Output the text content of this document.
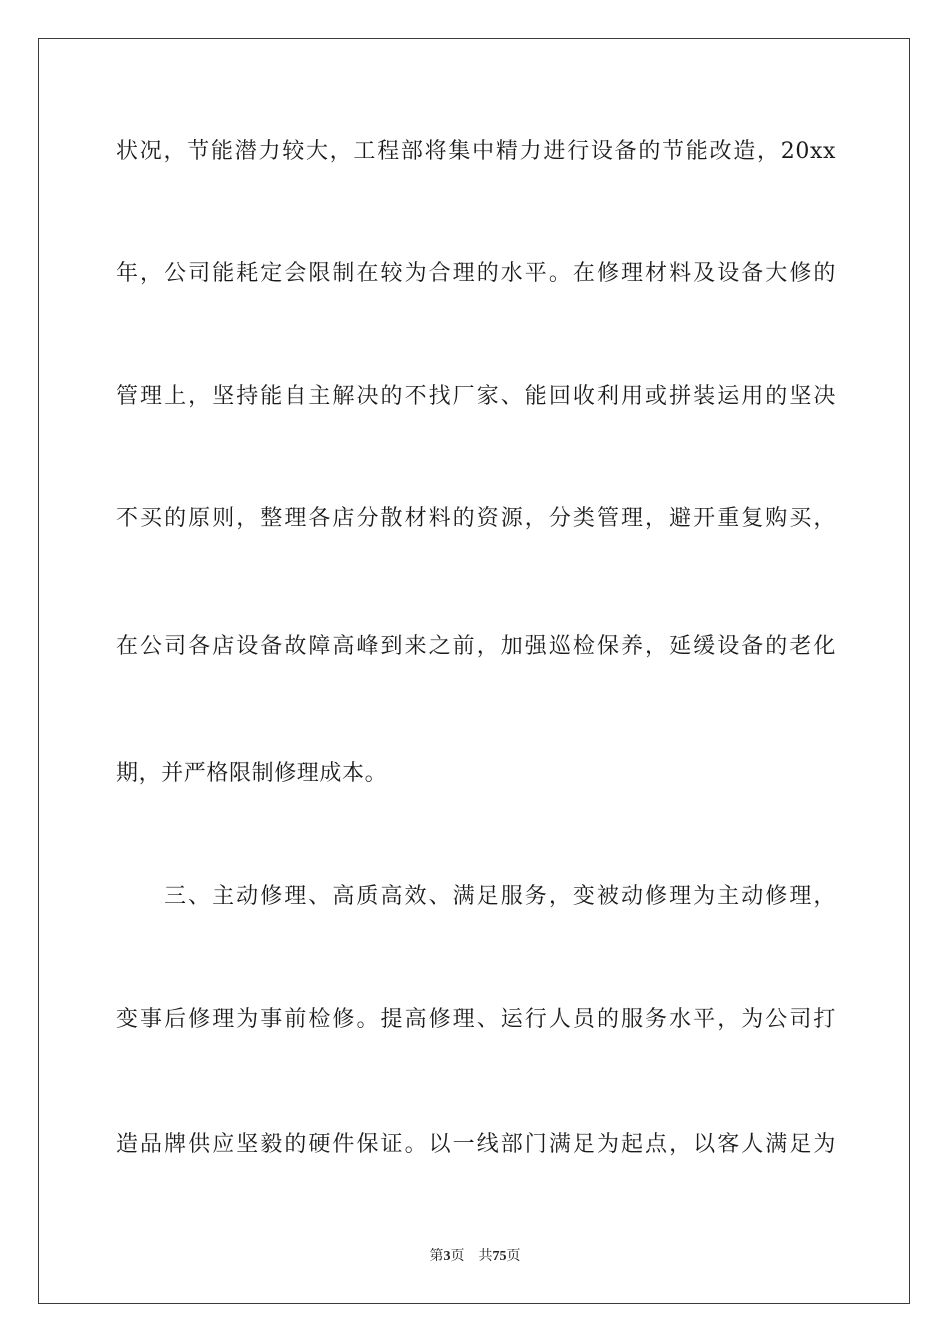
状况，节能潜力较大，工程部将集中精力进行设备的节能改造，20xx
年，公司能耗定会限制在较为合理的水平。在修理材料及设备大修的
管理上，坚持能自主解决的不找厂家、能回收利用或拼装运用的坚决
不买的原则，整理各店分散材料的资源，分类管理，避开重复购买，
在公司各店设备故障高峰到来之前，加强巡检保养，延缓设备的老化
期，并严格限制修理成本。
三、主动修理、高质高效、满足服务，变被动修理为主动修理，
变事后修理为事前检修。提高修理、运行人员的服务水平，为公司打
造品牌供应坚毅的硬件保证。以一线部门满足为起点，以客人满足为
第3页 共75页
